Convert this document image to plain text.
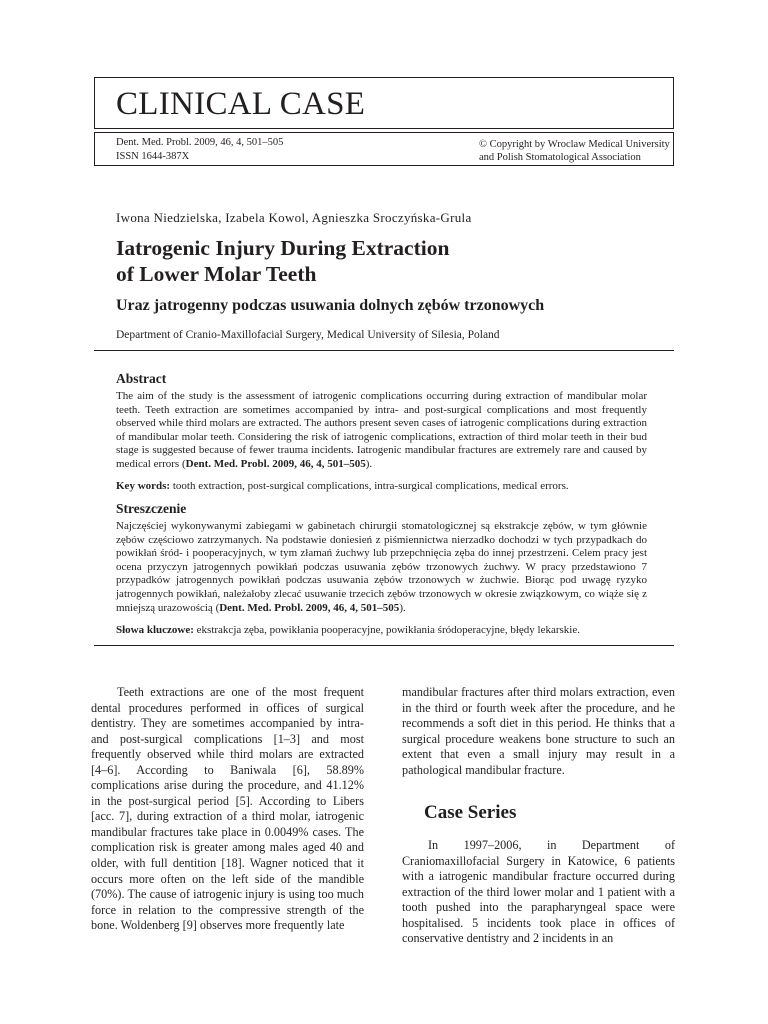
CLINICAL CASE
Dent. Med. Probl. 2009, 46, 4, 501–505
ISSN 1644-387X
© Copyright by Wroclaw Medical University
and Polish Stomatological Association
Iwona Niedzielska, Izabela Kowol, Agnieszka Sroczyńska-Grula
Iatrogenic Injury During Extraction
of Lower Molar Teeth
Uraz jatrogenny podczas usuwania dolnych zębów trzonowych
Department of Cranio-Maxillofacial Surgery, Medical University of Silesia, Poland
Abstract
The aim of the study is the assessment of iatrogenic complications occurring during extraction of mandibular molar teeth. Teeth extraction are sometimes accompanied by intra- and post-surgical complications and most frequently observed while third molars are extracted. The authors present seven cases of iatrogenic complications during extraction of mandibular molar teeth. Considering the risk of iatrogenic complications, extraction of third molar teeth in their bud stage is suggested because of fewer trauma incidents. Iatrogenic mandibular fractures are extremely rare and caused by medical errors (Dent. Med. Probl. 2009, 46, 4, 501–505).
Key words: tooth extraction, post-surgical complications, intra-surgical complications, medical errors.
Streszczenie
Najczęściej wykonywanymi zabiegami w gabinetach chirurgii stomatologicznej są ekstrakcje zębów, w tym głównie zębów częściowo zatrzymanych. Na podstawie doniesień z piśmiennictwa nierzadko dochodzi w tych przypadkach do powikłań śród- i pooperacyjnych, w tym złamań żuchwy lub przepchnięcia zęba do innej przestrzeni. Celem pracy jest ocena przyczyn jatrogennych powikłań podczas usuwania zębów trzonowych żuchwy. W pracy przedstawiono 7 przypadków jatrogennych powikłań podczas usuwania zębów trzonowych w żuchwie. Biorąc pod uwagę ryzyko jatrogennych powikłań, należałoby zlecać usuwanie trzecich zębów trzonowych w okresie związkowym, co wiąże się z mniejszą urazowością (Dent. Med. Probl. 2009, 46, 4, 501–505).
Słowa kluczowe: ekstrakcja zęba, powikłania pooperacyjne, powikłania śródoperacyjne, błędy lekarskie.

Teeth extractions are one of the most frequent dental procedures performed in offices of surgical dentistry. They are sometimes accompanied by intra- and post-surgical complications [1–3] and most frequently observed while third molars are extracted [4–6]. According to Baniwala [6], 58.89% complications arise during the procedure, and 41.12% in the post-surgical period [5]. According to Libers [acc. 7], during extraction of a third molar, iatrogenic mandibular fractures take place in 0.0049% cases. The complication risk is greater among males aged 40 and older, with full dentition [18]. Wagner noticed that it occurs more often on the left side of the mandible (70%). The cause of iatrogenic injury is using too much force in relation to the compressive strength of the bone. Woldenberg [9] observes more frequently late

mandibular fractures after third molars extraction, even in the third or fourth week after the procedure, and he recommends a soft diet in this period. He thinks that a surgical procedure weakens bone structure to such an extent that even a small injury may result in a pathological mandibular fracture.

Case Series

In 1997–2006, in Department of Craniomaxillofacial Surgery in Katowice, 6 patients with a iatrogenic mandibular fracture occurred during extraction of the third lower molar and 1 patient with a tooth pushed into the parapharyngeal space were hospitalised. 5 incidents took place in offices of conservative dentistry and 2 incidents in an
